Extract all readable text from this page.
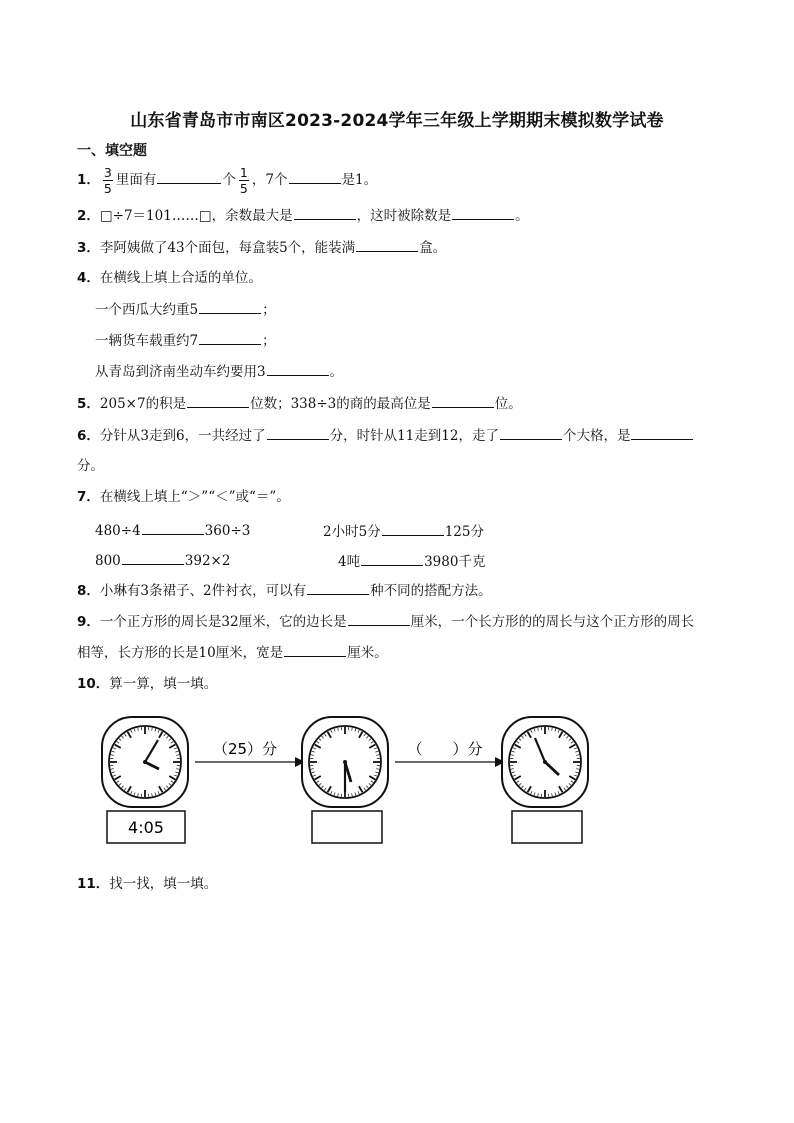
山东省青岛市市南区2023-2024学年三年级上学期期末模拟数学试卷
一、填空题
1． $\frac{3}{5}$ 里面有	个 $\frac{1}{5}$ ，7个	是1。
2．□÷7＝101……□，余数最大是	，这时被除数是	。
3．李阿姨做了43个面包，每盒装5个，能装满	盒。
4．在横线上填上合适的单位。
一个西瓜大约重5	；
一辆货车载重约7	；
从青岛到济南坐动车约要用3	。
5．205×7的积是	位数；338÷3的商的最高位是	位。
6．分针从3走到6，一共经过了	分，时针从11走到12，走了	个大格，是
分。
7．在横线上填上“＞”“＜”或“＝”。
480÷4	360÷3	2小时5分	125分
800	392×2	4吨	3980千克
8．小琳有3条裙子、2件衬衣，可以有	种不同的搭配方法。
9．一个正方形的周长是32厘米，它的边长是	厘米，一个长方形的的周长与这个正方形的周长
相等，长方形的长是10厘米，宽是	厘米。
10．算一算，填一填。
（25）分	（　　）分
4:05
11．找一找，填一填。
